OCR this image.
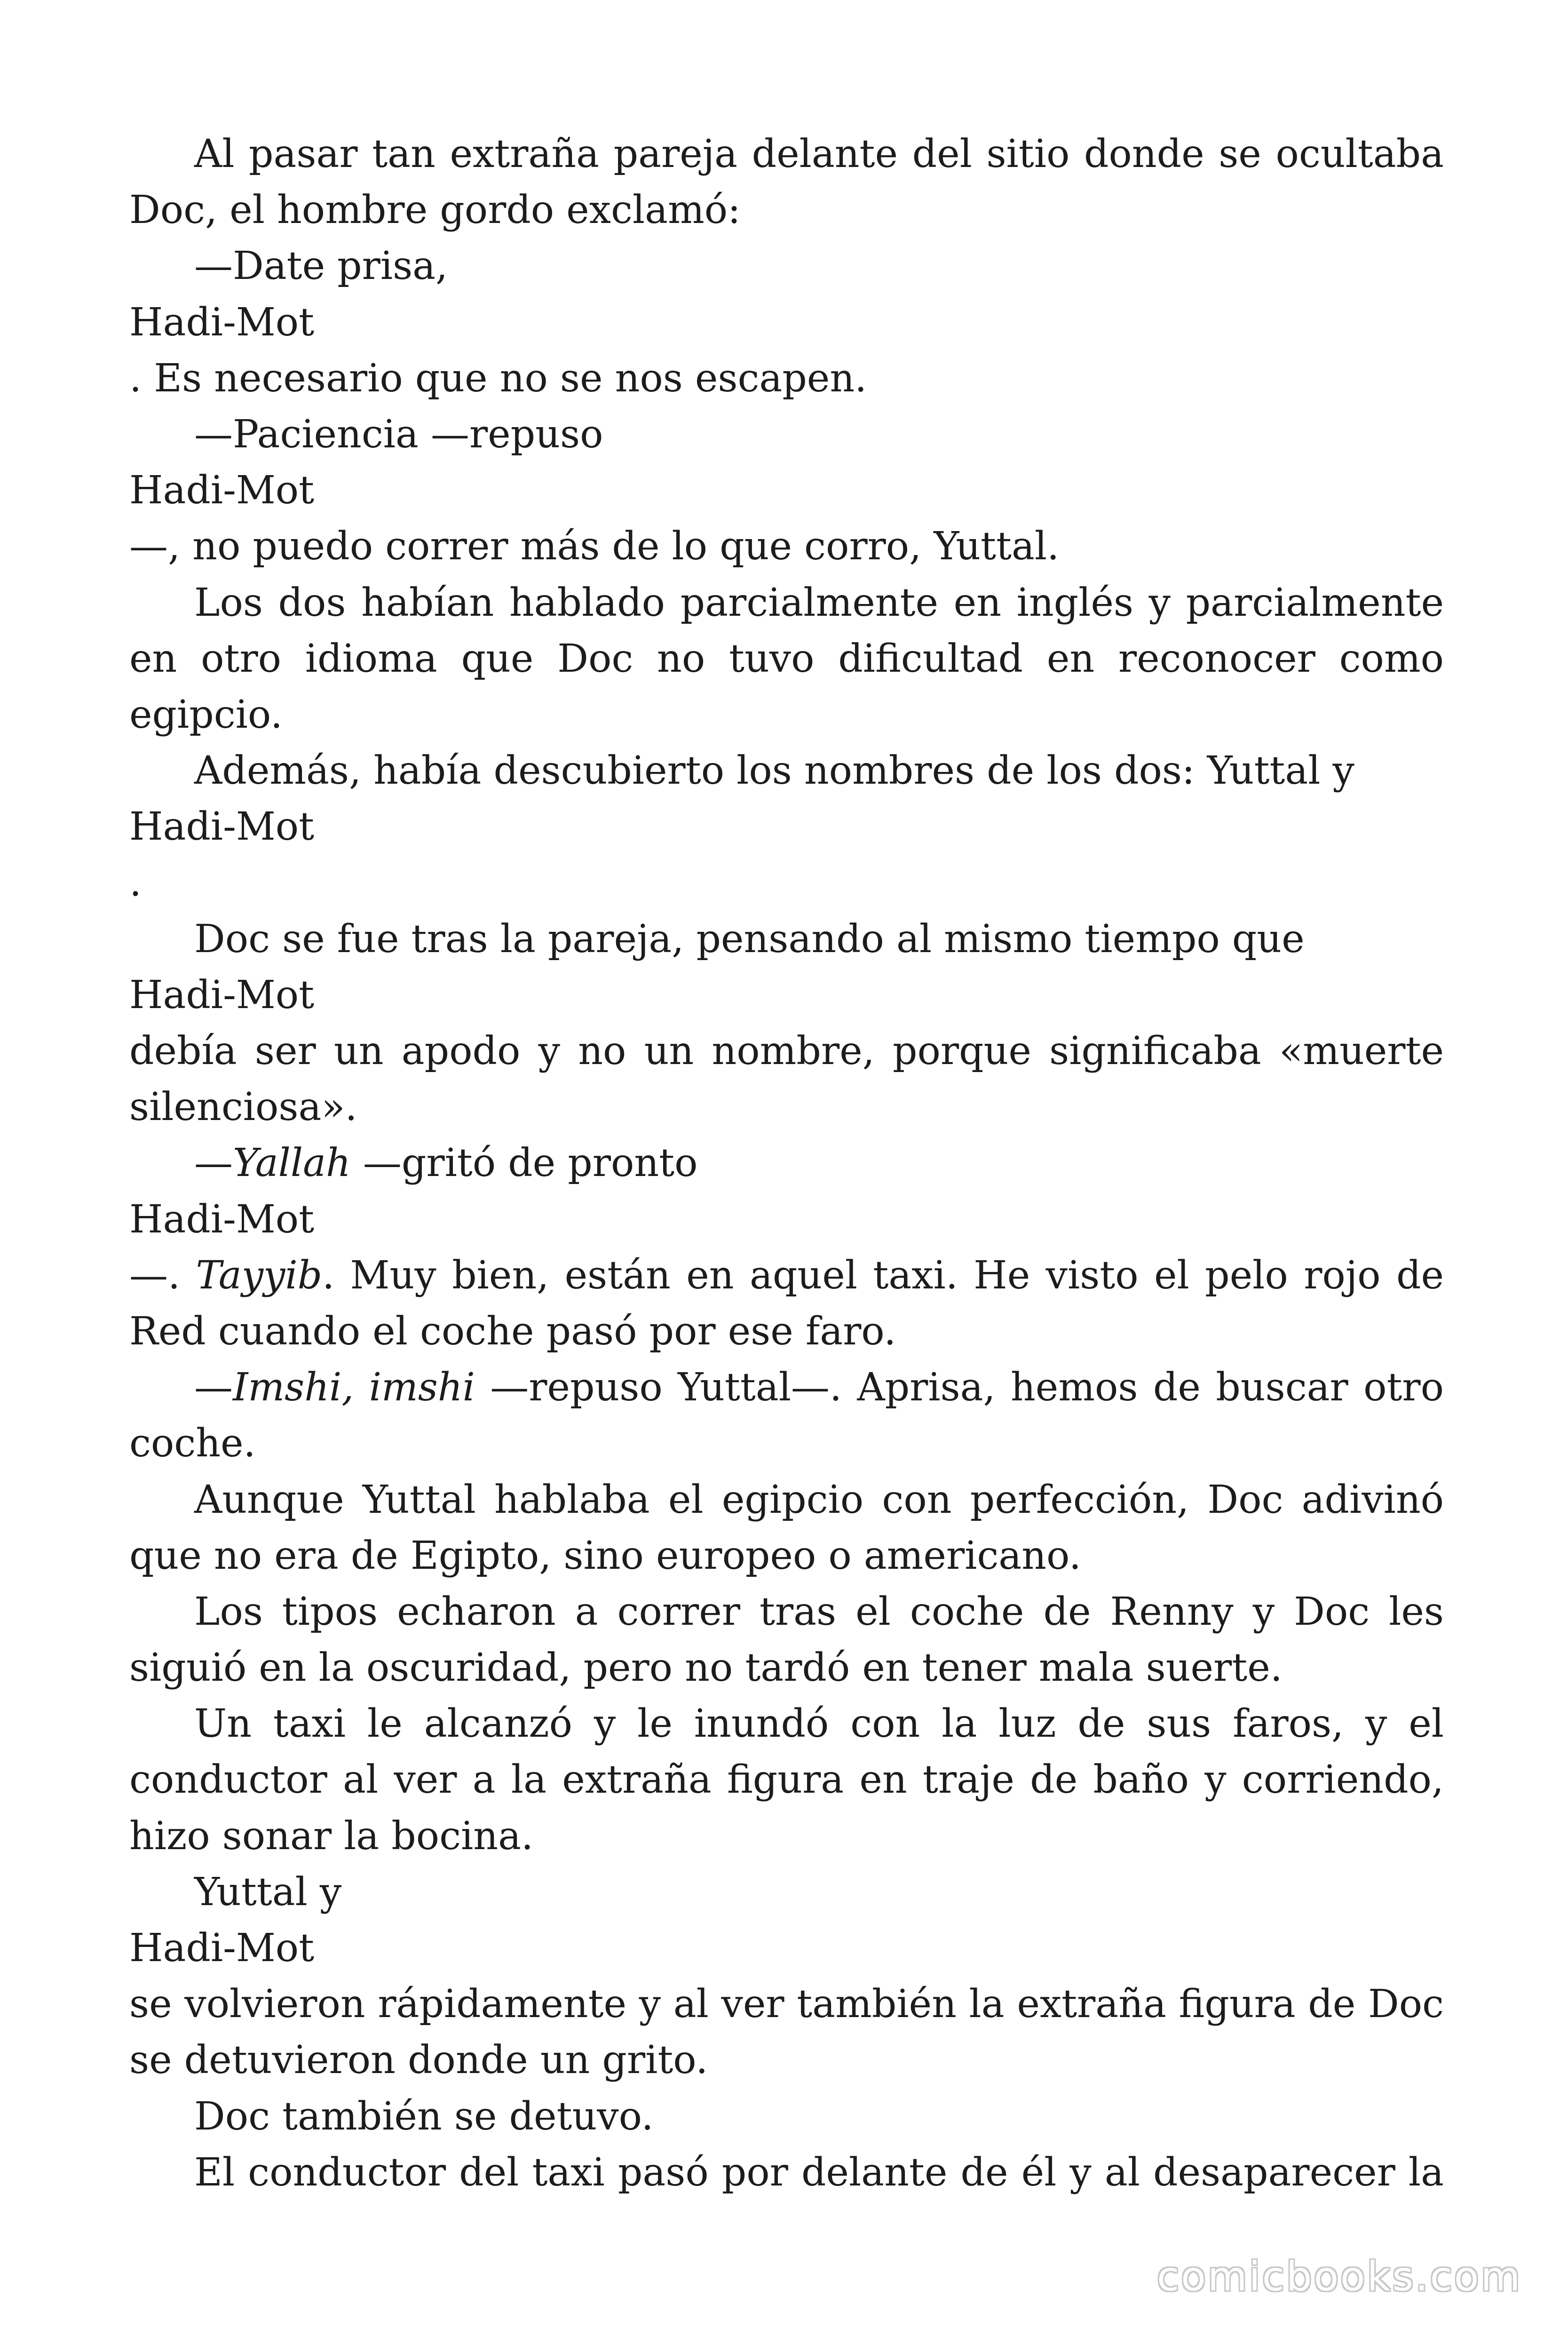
Al pasar tan extraña pareja delante del sitio donde se ocultaba

Doc, el hombre gordo exclamó:

—Date prisa,

Hadi-Mot

. Es necesario que no se nos escapen.

—Paciencia —repuso

Hadi-Mot

—, no puedo correr más de lo que corro, Yuttal.

Los dos habían hablado parcialmente en inglés y parcialmente

en otro idioma que Doc no tuvo dificultad en reconocer como

egipcio.

Además, había descubierto los nombres de los dos: Yuttal y

Hadi-Mot

.

Doc se fue tras la pareja, pensando al mismo tiempo que

Hadi-Mot

debía ser un apodo y no un nombre, porque significaba «muerte

silenciosa».

—Yallah —gritó de pronto

Hadi-Mot

—. Tayyib. Muy bien, están en aquel taxi. He visto el pelo rojo de

Red cuando el coche pasó por ese faro.

—Imshi, imshi —repuso Yuttal—. Aprisa, hemos de buscar otro

coche.

Aunque Yuttal hablaba el egipcio con perfección, Doc adivinó

que no era de Egipto, sino europeo o americano.

Los tipos echaron a correr tras el coche de Renny y Doc les

siguió en la oscuridad, pero no tardó en tener mala suerte.

Un taxi le alcanzó y le inundó con la luz de sus faros, y el

conductor al ver a la extraña figura en traje de baño y corriendo,

hizo sonar la bocina.

Yuttal y

Hadi-Mot

se volvieron rápidamente y al ver también la extraña figura de Doc

se detuvieron donde un grito.

Doc también se detuvo.

El conductor del taxi pasó por delante de él y al desaparecer la

comicbooks.com
